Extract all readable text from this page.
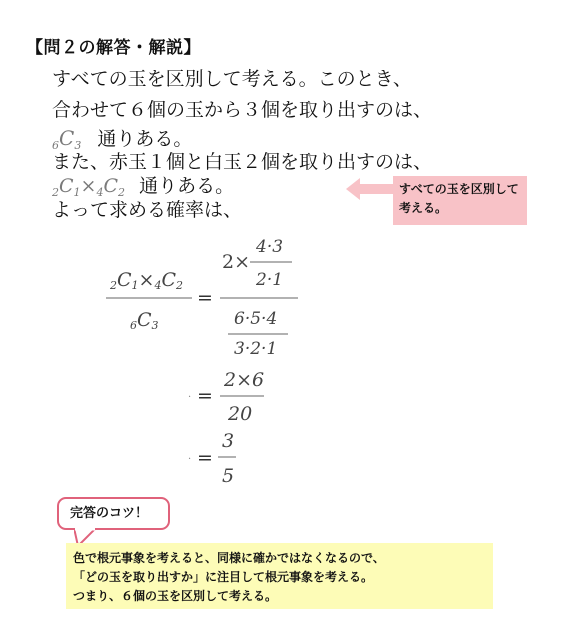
【問２の解答・解説】
すべての玉を区別して考える。このとき、
合わせて６個の玉から３個を取り出すのは、
$_6C_3$ 通りある。
また、赤玉１個と白玉２個を取り出すのは、
$_2C_1\times_4C_2$ 通りある。
よって求める確率は、
すべての玉を区別して考える。
2C1×4C2
6C3
=
2×
4·3
2·1
6·5·4
3·2·1
· =
2×6
20
· =
3
5
完答のコツ！
色で根元事象を考えると、同様に確かではなくなるので、
「どの玉を取り出すか」に注目して根元事象を考える。
つまり、６個の玉を区別して考える。
